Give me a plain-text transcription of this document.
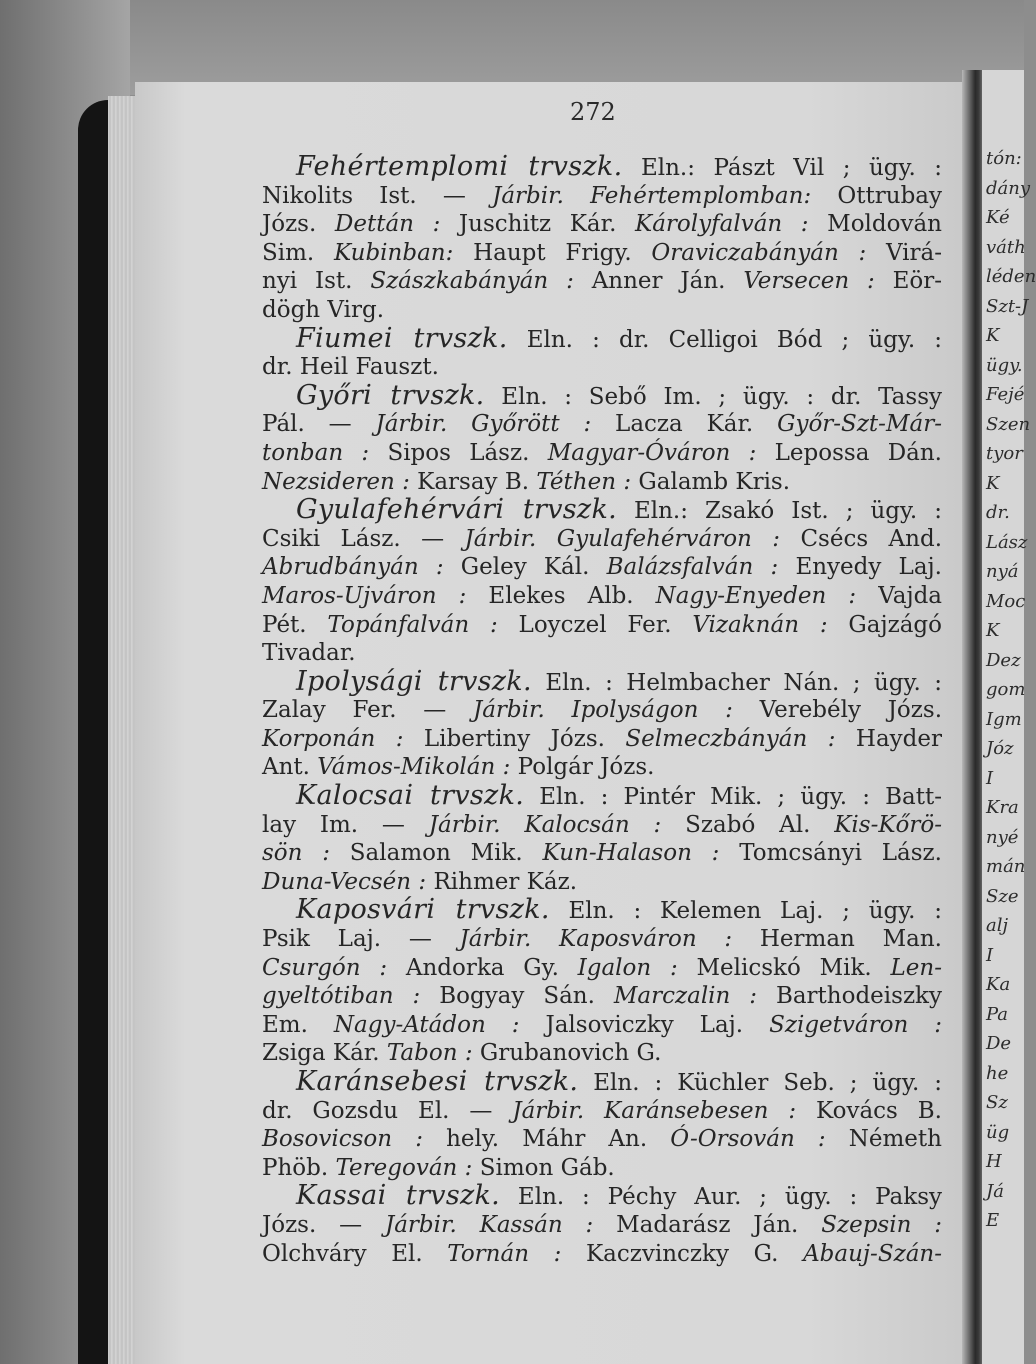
tón:
dány
Ké
váth
léden
Szt-J
K
ügy.
Fejé
Szen
tyor
K
dr.
Lász
nyá
Moc
K
Dez
gom
Igm
Józ
I
Kra
nyé
mán
Sze
alj
I
Ka
Pa
De
he
Sz
üg
H
Já
E
272
Fehértemplomi trvszk. Eln.: Pászt Vil ; ügy. :
Nikolits Ist. — Járbir. Fehértemplomban: Ottrubay
Józs. Dettán : Juschitz Kár. Károlyfalván : Moldován
Sim. Kubinban: Haupt Frigy. Oraviczabányán : Virá-
nyi Ist. Szászkabányán : Anner Ján. Versecen : Eör-
dögh Virg.
Fiumei trvszk. Eln. : dr. Celligoi Bód ; ügy. :
dr. Heil Fauszt.
Győri trvszk. Eln. : Sebő Im. ; ügy. : dr. Tassy
Pál. — Járbir. Győrött : Lacza Kár. Győr-Szt-Már-
tonban : Sipos Lász. Magyar-Óváron : Lepossa Dán.
Nezsideren : Karsay B. Téthen : Galamb Kris.
Gyulafehérvári trvszk. Eln.: Zsakó Ist. ; ügy. :
Csiki Lász. — Járbir. Gyulafehérváron : Csécs And.
Abrudbányán : Geley Kál. Balázsfalván : Enyedy Laj.
Maros-Ujváron : Elekes Alb. Nagy-Enyeden : Vajda
Pét. Topánfalván : Loyczel Fer. Vizaknán : Gajzágó
Tivadar.
Ipolysági trvszk. Eln. : Helmbacher Nán. ; ügy. :
Zalay Fer. — Járbir. Ipolyságon : Verebély Józs.
Korponán : Libertiny Józs. Selmeczbányán : Hayder
Ant. Vámos-Mikolán : Polgár Józs.
Kalocsai trvszk. Eln. : Pintér Mik. ; ügy. : Batt-
lay Im. — Járbir. Kalocsán : Szabó Al. Kis-Kőrö-
sön : Salamon Mik. Kun-Halason : Tomcsányi Lász.
Duna-Vecsén : Rihmer Káz.
Kaposvári trvszk. Eln. : Kelemen Laj. ; ügy. :
Psik Laj. — Járbir. Kaposváron : Herman Man.
Csurgón : Andorka Gy. Igalon : Melicskó Mik. Len-
gyeltótiban : Bogyay Sán. Marczalin : Barthodeiszky
Em. Nagy-Atádon : Jalsoviczky Laj. Szigetváron :
Zsiga Kár. Tabon : Grubanovich G.
Karánsebesi trvszk. Eln. : Küchler Seb. ; ügy. :
dr. Gozsdu El. — Járbir. Karánsebesen : Kovács B.
Bosovicson : hely. Máhr An. Ó-Orsován : Németh
Phöb. Teregován : Simon Gáb.
Kassai trvszk. Eln. : Péchy Aur. ; ügy. : Paksy
Józs. — Járbir. Kassán : Madarász Ján. Szepsin :
Olchváry El. Tornán : Kaczvinczky G. Abauj-Szán-
